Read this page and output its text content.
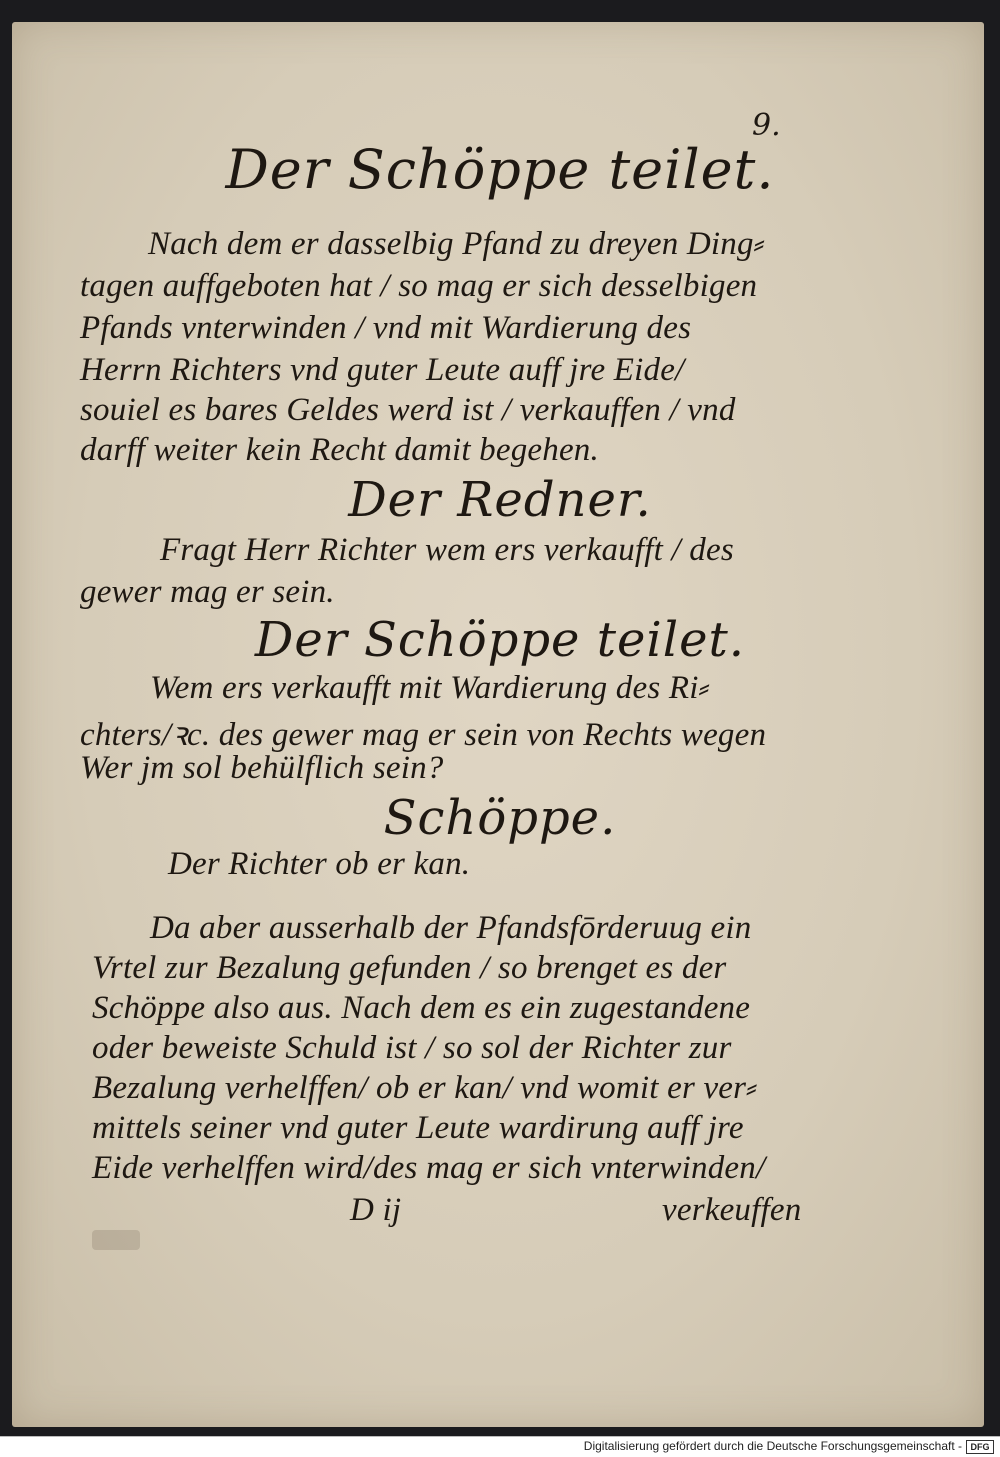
9.
Der Schöppe teilet.
Nach dem er dasselbig Pfand zu dreyen Ding⸗
tagen auffgeboten hat / so mag er sich desselbigen
Pfands vnterwinden / vnd mit Wardierung des
Herrn Richters vnd guter Leute auff jre Eide/
souiel es bares Geldes werd ist / verkauffen / vnd
darff weiter kein Recht damit begehen.
Der Redner.
Fragt Herr Richter wem ers verkaufft / des
gewer mag er sein.
Der Schöppe teilet.
Wem ers verkaufft mit Wardierung des Ri⸗
chters/ꝛc. des gewer mag er sein von Rechts wegen
Wer jm sol behülflich sein?
Schöppe.
Der Richter ob er kan.
Da aber ausserhalb der Pfandsfōrderuug ein
Vrtel zur Bezalung gefunden / so brenget es der
Schöppe also aus. Nach dem es ein zugestandene
oder beweiste Schuld ist / so sol der Richter zur
Bezalung verhelffen/ ob er kan/ vnd womit er ver⸗
mittels seiner vnd guter Leute wardirung auff jre
Eide verhelffen wird/des mag er sich vnterwinden/
D ij	verkeuffen
Digitalisierung gefördert durch die Deutsche Forschungsgemeinschaft - DFG
